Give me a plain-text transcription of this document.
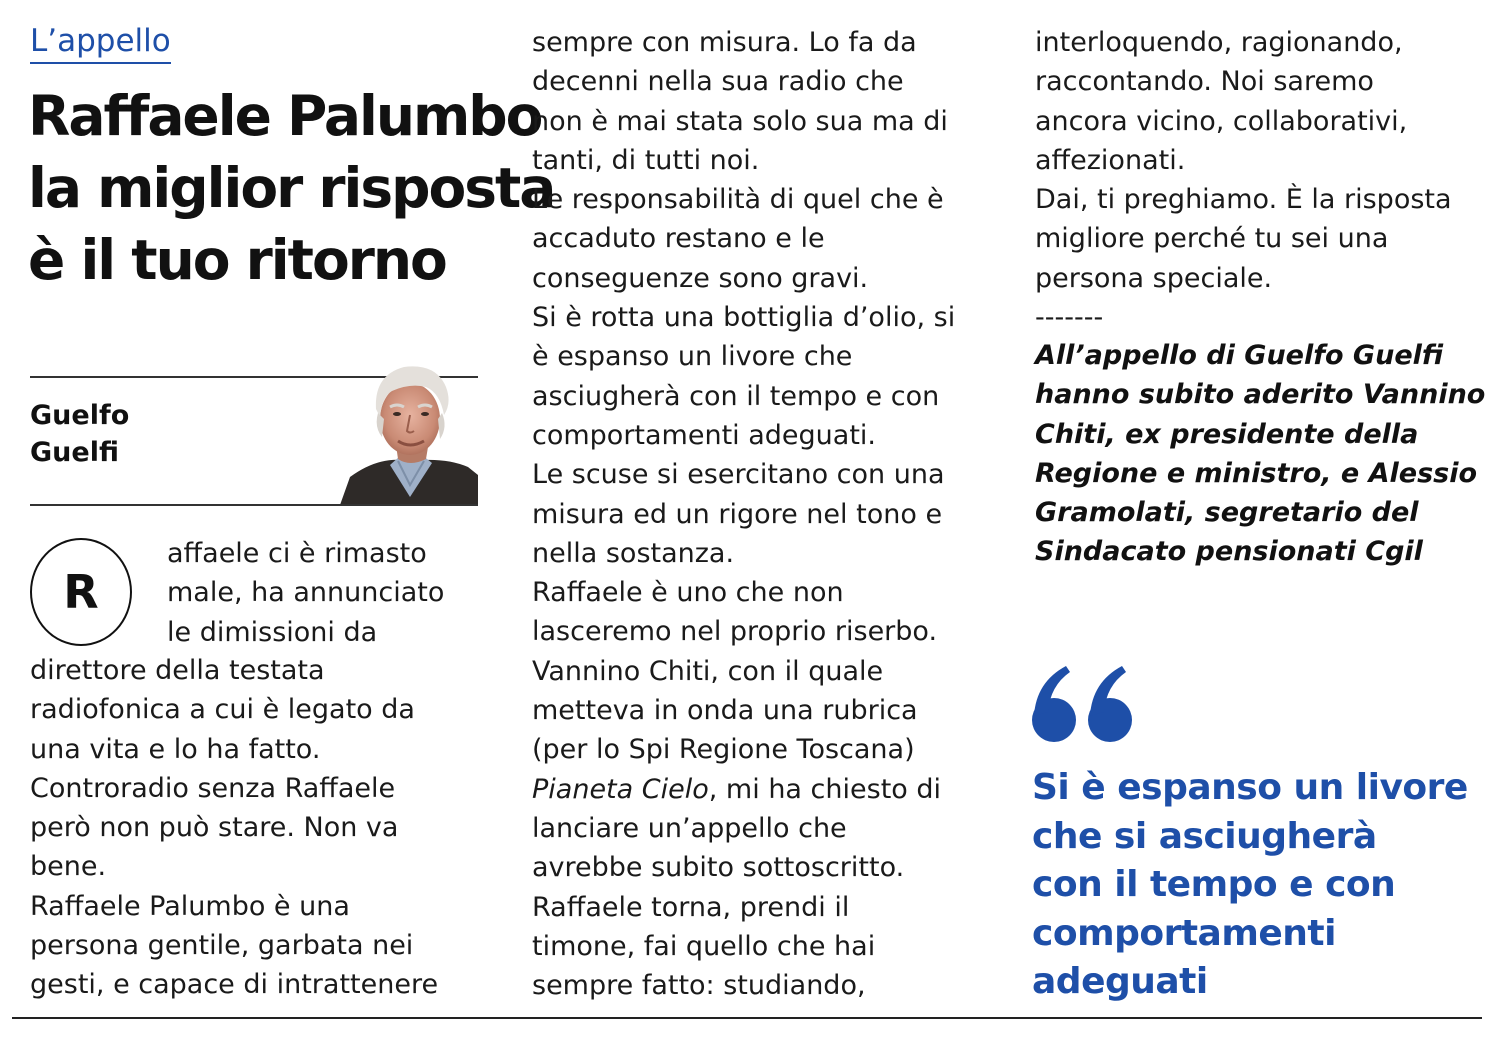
L’appello
Raffaele Palumbo
la miglior risposta
è il tuo ritorno
Guelfo
Guelfi
R
affaele ci è rimasto
male, ha annunciato
le dimissioni da
direttore della testata
radiofonica a cui è legato da
una vita e lo ha fatto.
Controradio senza Raffaele
però non può stare. Non va
bene.
Raffaele Palumbo è una
persona gentile, garbata nei
gesti, e capace di intrattenere
sempre con misura. Lo fa da
decenni nella sua radio che
non è mai stata solo sua ma di
tanti, di tutti noi.
Le responsabilità di quel che è
accaduto restano e le
conseguenze sono gravi.
Si è rotta una bottiglia d’olio, si
è espanso un livore che
asciugherà con il tempo e con
comportamenti adeguati.
Le scuse si esercitano con una
misura ed un rigore nel tono e
nella sostanza.
Raffaele è uno che non
lasceremo nel proprio riserbo.
Vannino Chiti, con il quale
metteva in onda una rubrica
(per lo Spi Regione Toscana)
Pianeta Cielo, mi ha chiesto di
lanciare un’appello che
avrebbe subito sottoscritto.
Raffaele torna, prendi il
timone, fai quello che hai
sempre fatto: studiando,
interloquendo, ragionando,
raccontando. Noi saremo
ancora vicino, collaborativi,
affezionati.
Dai, ti preghiamo. È la risposta
migliore perché tu sei una
persona speciale.
-------
All’appello di Guelfo Guelfi
hanno subito aderito Vannino
Chiti, ex presidente della
Regione e ministro, e Alessio
Gramolati, segretario del
Sindacato pensionati Cgil
Si è espanso un livore
che si asciugherà
con il tempo e con
comportamenti
adeguati
